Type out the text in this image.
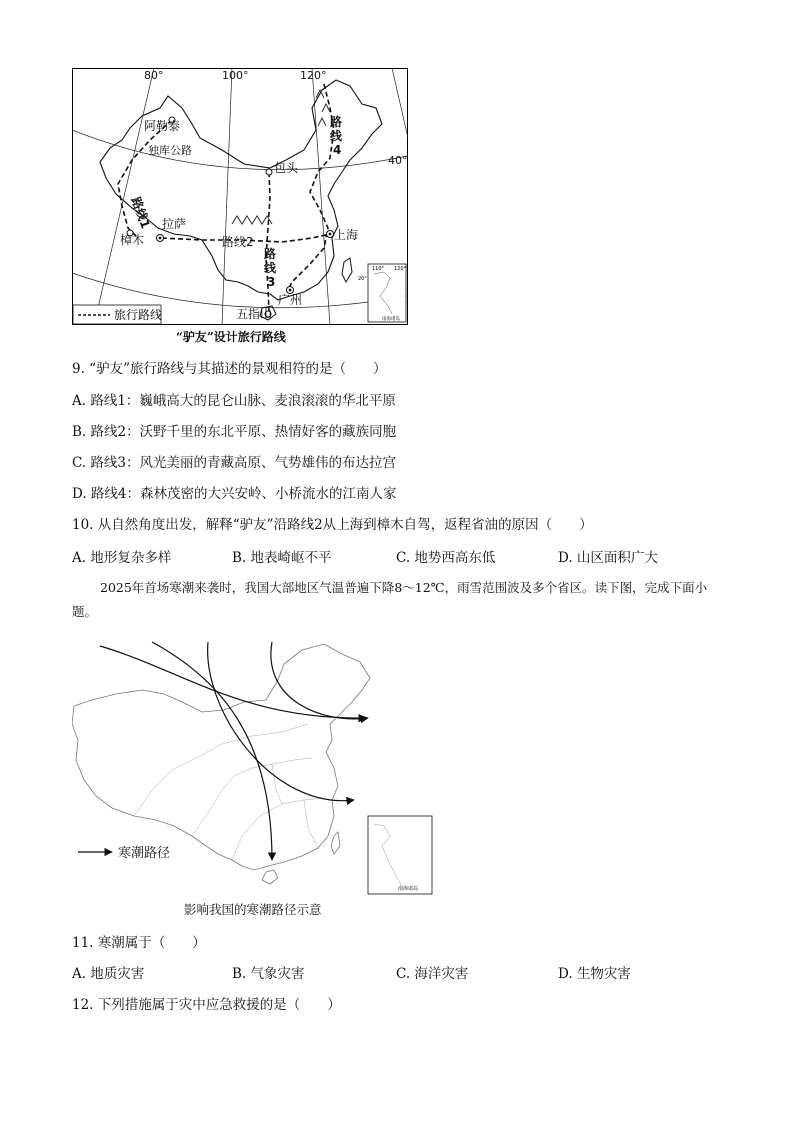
80°	100°	120°
40°
阿勒泰
独库公路
包头
拉萨
樟木	上海
广州
五指山
路线2
路线1
路
线
3
路
线
4
110° 120°
20°
南海诸岛
旅行路线
“驴友”设计旅行路线
9. “驴友”旅行路线与其描述的景观相符的是（　　）
A. 路线1：巍峨高大的昆仑山脉、麦浪滚滚的华北平原
B. 路线2：沃野千里的东北平原、热情好客的藏族同胞
C. 路线3：风光美丽的青藏高原、气势雄伟的布达拉宫
D. 路线4：森林茂密的大兴安岭、小桥流水的江南人家
10. 从自然角度出发，解释“驴友”沿路线2从上海到樟木自驾，返程省油的原因（　　）
A. 地形复杂多样	B. 地表崎岖不平	C. 地势西高东低	D. 山区面积广大
2025年首场寒潮来袭时，我国大部地区气温普遍下降8～12℃，雨雪范围波及多个省区。读下图，完成下面小题。
寒潮路径
南海诸岛
影响我国的寒潮路径示意
11. 寒潮属于（　　）
A. 地质灾害	B. 气象灾害	C. 海洋灾害	D. 生物灾害
12. 下列措施属于灾中应急救援的是（　　）
